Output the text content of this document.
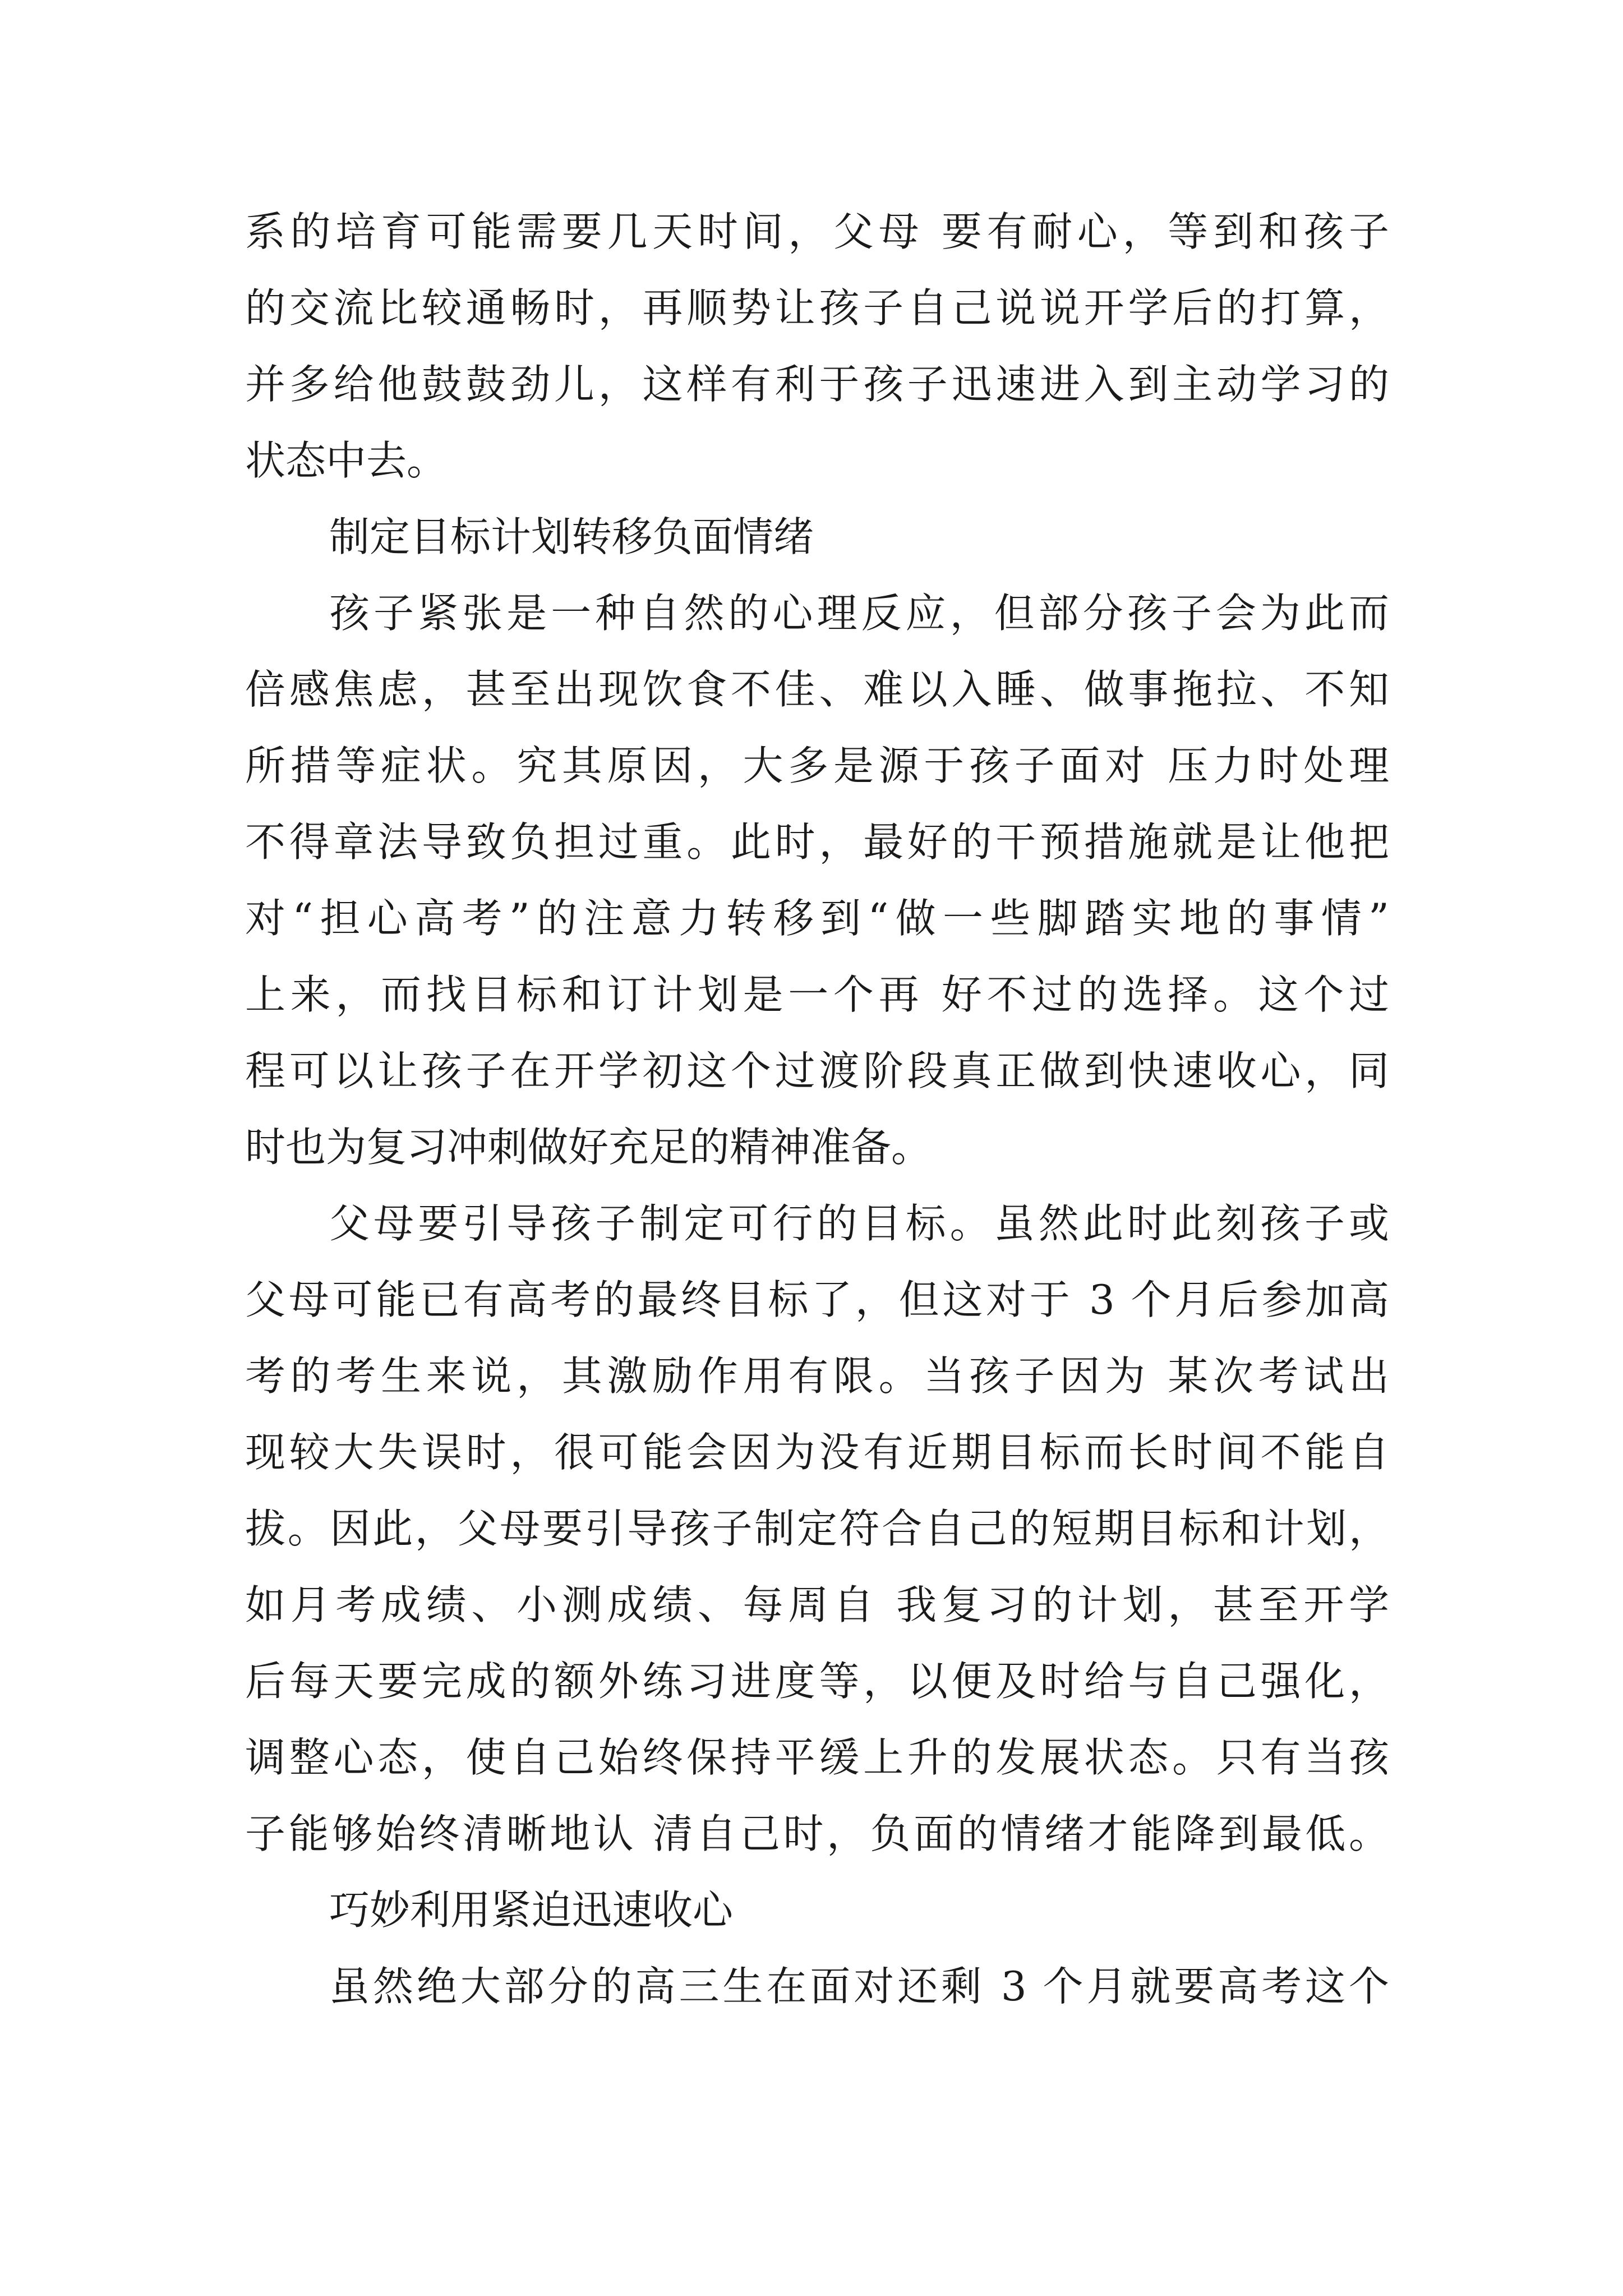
系的培育可能需要几天时间，父母 要有耐心，等到和孩子
的交流比较通畅时，再顺势让孩子自己说说开学后的打算，
并多给他鼓鼓劲儿，这样有利于孩子迅速进入到主动学习的
状态中去。
制定目标计划转移负面情绪
孩子紧张是一种自然的心理反应，但部分孩子会为此而
倍感焦虑，甚至出现饮食不佳、难以入睡、做事拖拉、不知
所措等症状。究其原因，大多是源于孩子面对 压力时处理
不得章法导致负担过重。此时，最好的干预措施就是让他把
对“担心高考”的注意力转移到“做一些脚踏实地的事情”
上来，而找目标和订计划是一个再 好不过的选择。这个过
程可以让孩子在开学初这个过渡阶段真正做到快速收心，同
时也为复习冲刺做好充足的精神准备。
父母要引导孩子制定可行的目标。虽然此时此刻孩子或
父母可能已有高考的最终目标了，但这对于 3 个月后参加高
考的考生来说，其激励作用有限。当孩子因为 某次考试出
现较大失误时，很可能会因为没有近期目标而长时间不能自
拔。因此，父母要引导孩子制定符合自己的短期目标和计划，
如月考成绩、小测成绩、每周自 我复习的计划，甚至开学
后每天要完成的额外练习进度等，以便及时给与自己强化，
调整心态，使自己始终保持平缓上升的发展状态。只有当孩
子能够始终清晰地认 清自己时，负面的情绪才能降到最低。
巧妙利用紧迫迅速收心
虽然绝大部分的高三生在面对还剩 3 个月就要高考这个
